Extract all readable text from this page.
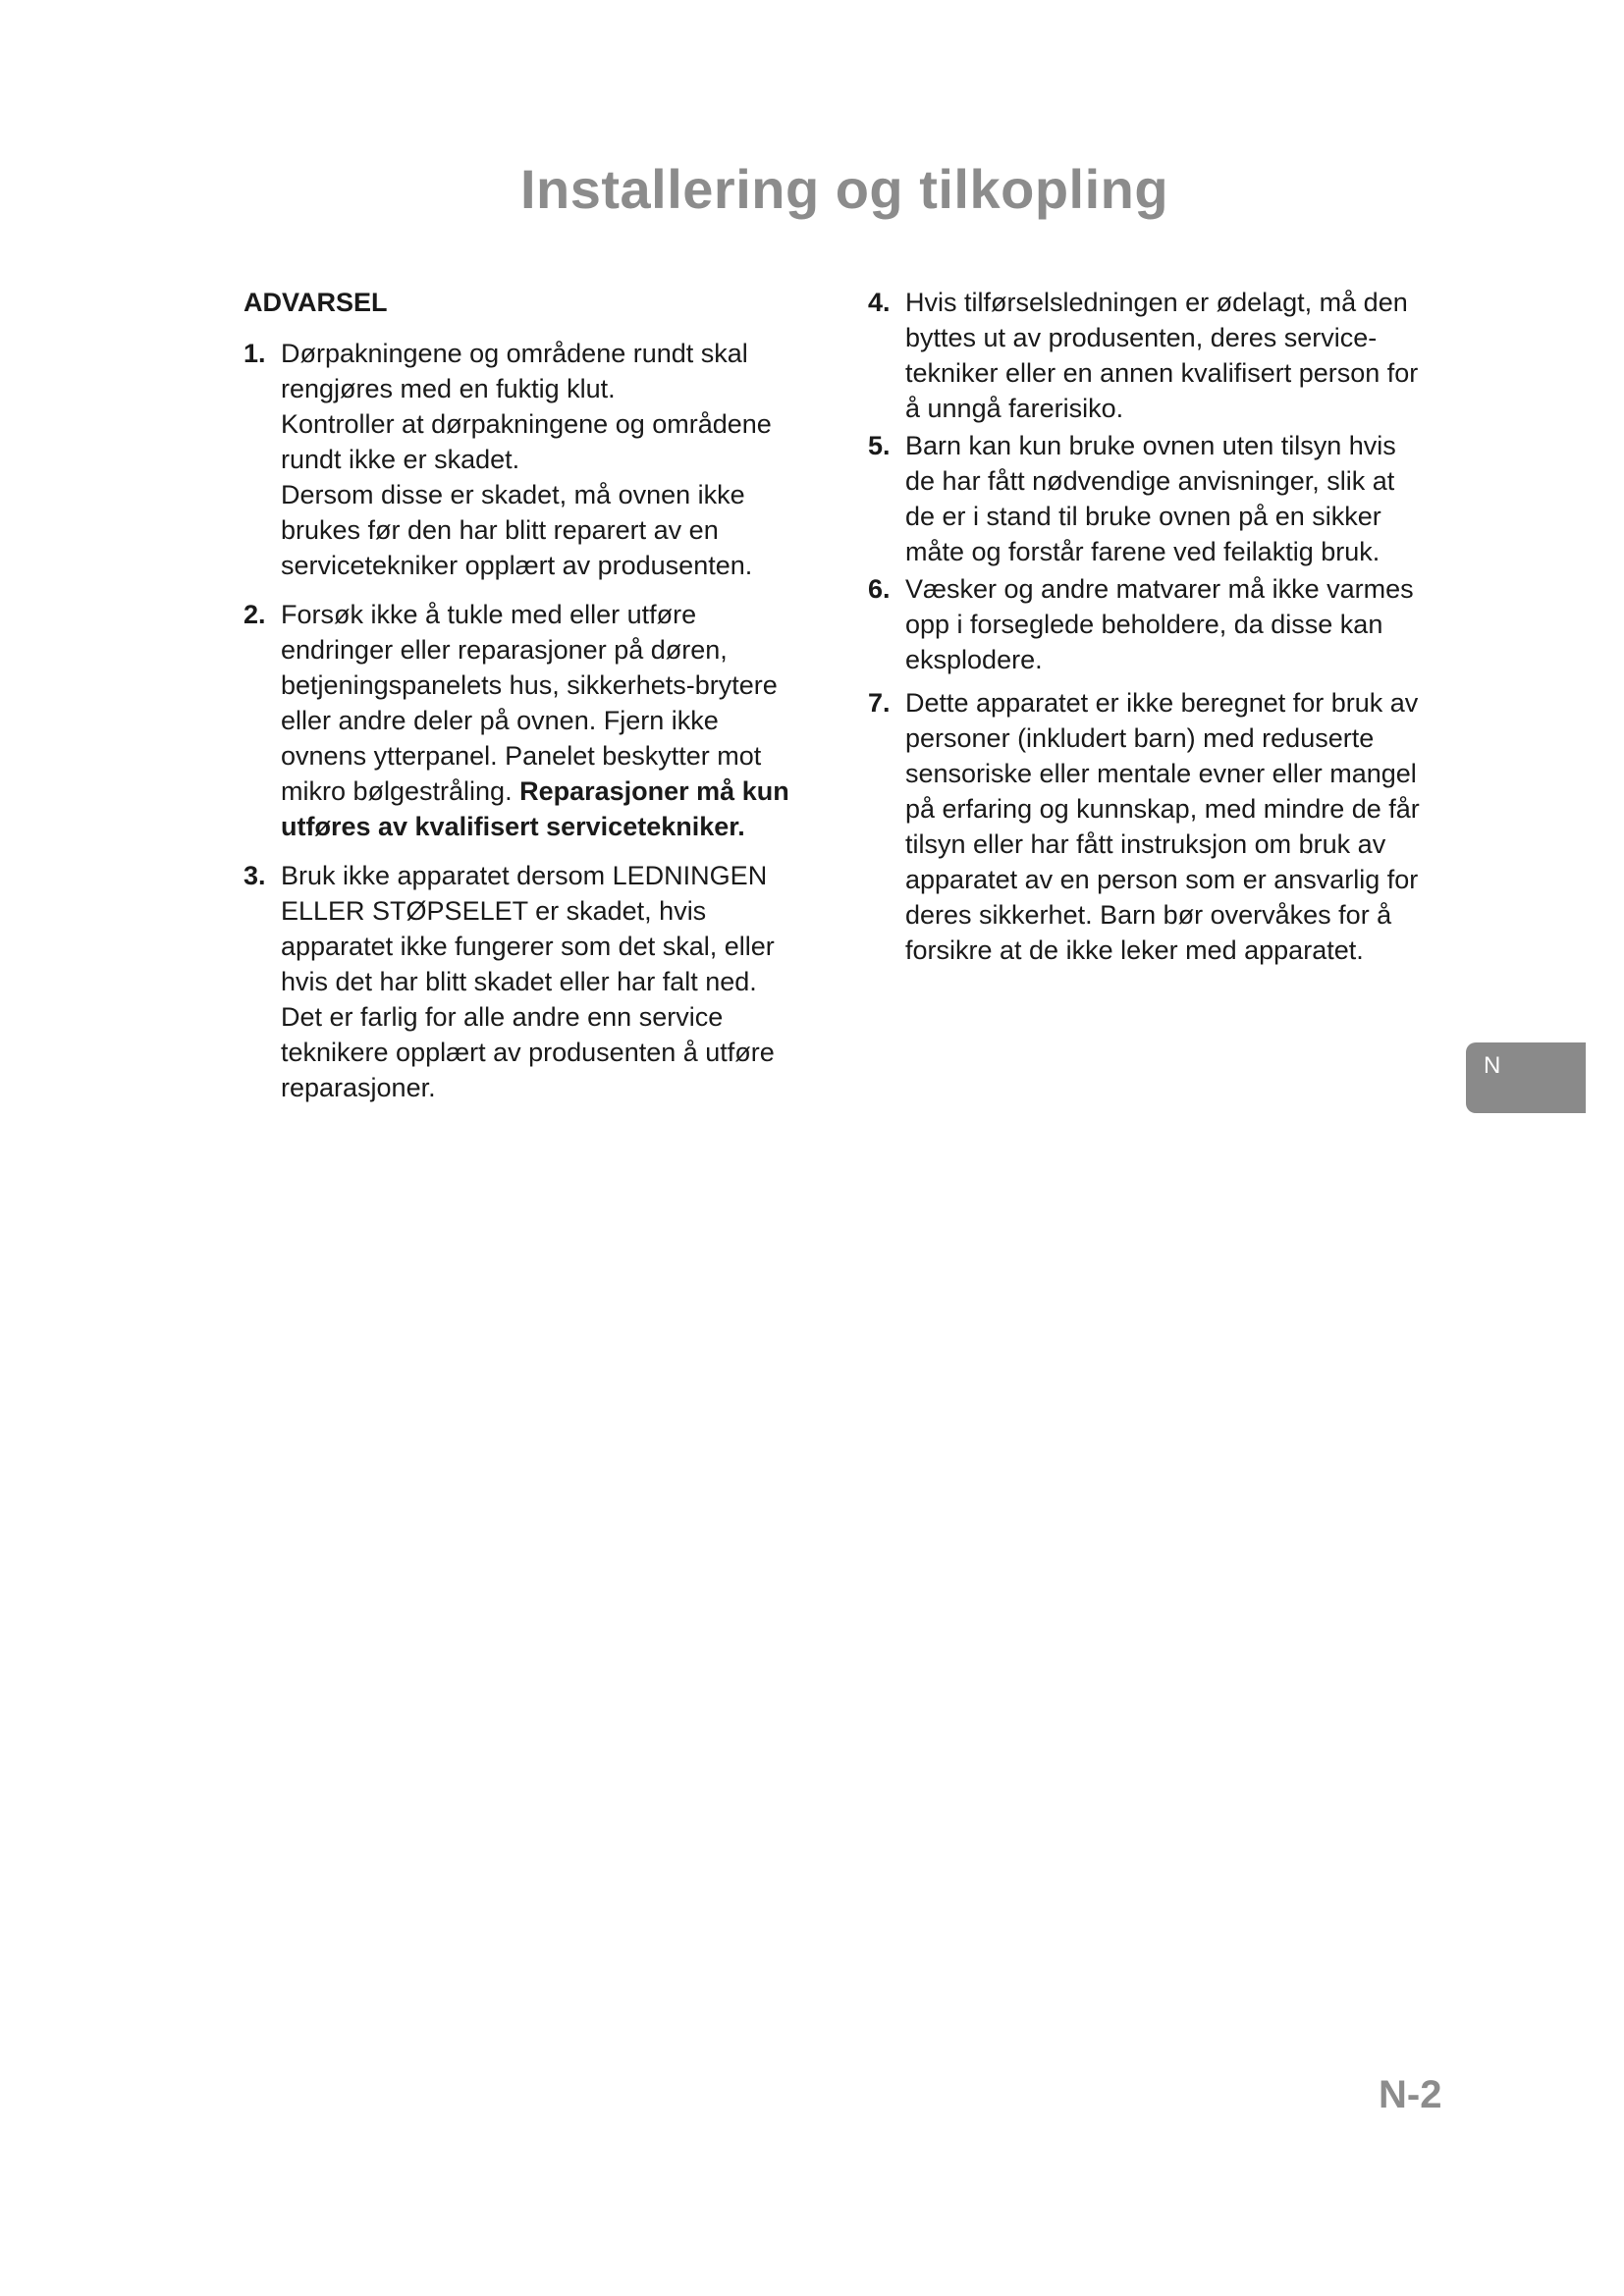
Installering og tilkopling
ADVARSEL
1. Dørpakningene og områdene rundt skal
rengjøres med en fuktig klut.
Kontroller at dørpakningene og områdene
rundt ikke er skadet.
Dersom disse er skadet, må ovnen ikke
brukes før den har blitt reparert av en
servicetekniker opplært av produsenten.
2. Forsøk ikke å tukle med eller utføre
endringer eller reparasjoner på døren,
betjeningspanelets hus, sikkerhets-brytere
eller andre deler på ovnen. Fjern ikke
ovnens ytterpanel. Panelet beskytter mot
mikro bølgestråling. Reparasjoner må kun
utføres av kvalifisert servicetekniker.
3. Bruk ikke apparatet dersom LEDNINGEN
ELLER STØPSELET er skadet, hvis
apparatet ikke fungerer som det skal, eller
hvis det har blitt skadet eller har falt ned.
Det er farlig for alle andre enn service
teknikere opplært av produsenten å utføre
reparasjoner.
4. Hvis tilførselsledningen er ødelagt, må den
byttes ut av produsenten, deres service-
tekniker eller en annen kvalifisert person for
å unngå farerisiko.
5. Barn kan kun bruke ovnen uten tilsyn hvis
de har fått nødvendige anvisninger, slik at
de er i stand til bruke ovnen på en sikker
måte og forstår farene ved feilaktig bruk.
6. Væsker og andre matvarer må ikke varmes
opp i forseglede beholdere, da disse kan
eksplodere.
7. Dette apparatet er ikke beregnet for bruk av
personer (inkludert barn) med reduserte
sensoriske eller mentale evner eller mangel
på erfaring og kunnskap, med mindre de får
tilsyn eller har fått instruksjon om bruk av
apparatet av en person som er ansvarlig for
deres sikkerhet. Barn bør overvåkes for å
forsikre at de ikke leker med apparatet.
N
N-2
